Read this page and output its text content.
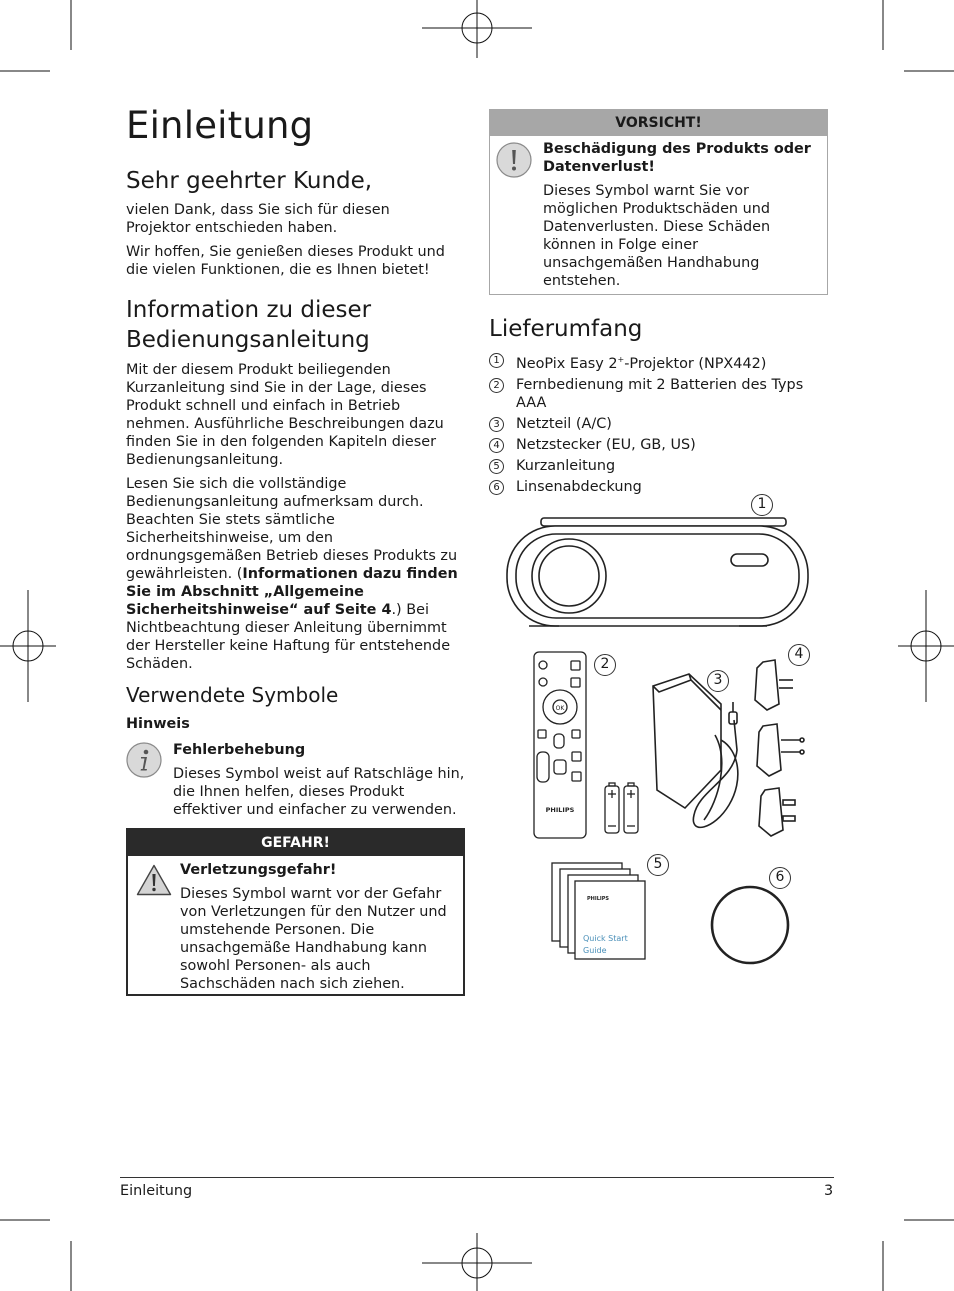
Einleitung
Sehr geehrter Kunde,
vielen Dank, dass Sie sich für diesen Projektor entschieden haben.
Wir hoffen, Sie genießen dieses Produkt und die vielen Funktionen, die es Ihnen bietet!
Information zu dieser
Bedienungsanleitung
Mit der diesem Produkt beiliegenden Kurzanleitung sind Sie in der Lage, dieses Produkt schnell und einfach in Betrieb nehmen. Ausführliche Beschreibungen dazu finden Sie in den folgenden Kapiteln dieser Bedienungsanleitung.
Lesen Sie sich die vollständige Bedienungsanleitung aufmerksam durch. Beachten Sie stets sämtliche Sicherheitshinweise, um den ordnungsgemäßen Betrieb dieses Produkts zu gewährleisten. (Informationen dazu finden Sie im Abschnitt „Allgemeine Sicherheitshinweise“ auf Seite 4.) Bei Nichtbeachtung dieser Anleitung übernimmt der Hersteller keine Haftung für entstehende Schäden.
Verwendete Symbole
Hinweis
Fehlerbehebung
Dieses Symbol weist auf Ratschläge hin, die Ihnen helfen, dieses Produkt effektiver und einfacher zu verwenden.
GEFAHR!
Verletzungsgefahr!
Dieses Symbol warnt vor der Gefahr von Verletzungen für den Nutzer und umstehende Personen. Die unsachgemäße Handhabung kann sowohl Personen- als auch Sachschäden nach sich ziehen.
VORSICHT!
Beschädigung des Produkts oder Datenverlust!
Dieses Symbol warnt Sie vor möglichen Produktschäden und Datenverlusten. Diese Schäden können in Folge einer unsachgemäßen Handhabung entstehen.
Lieferumfang
1 NeoPix Easy 2+-Projektor (NPX442)
2 Fernbedienung mit 2 Batterien des Typs AAA
3 Netzteil (A/C)
4 Netzstecker (EU, GB, US)
5 Kurzanleitung
6 Linsenabdeckung
OK
PHILIPS
PHILIPS
Quick Start
Guide
1
2
3
4
5
6
Einleitung	3
